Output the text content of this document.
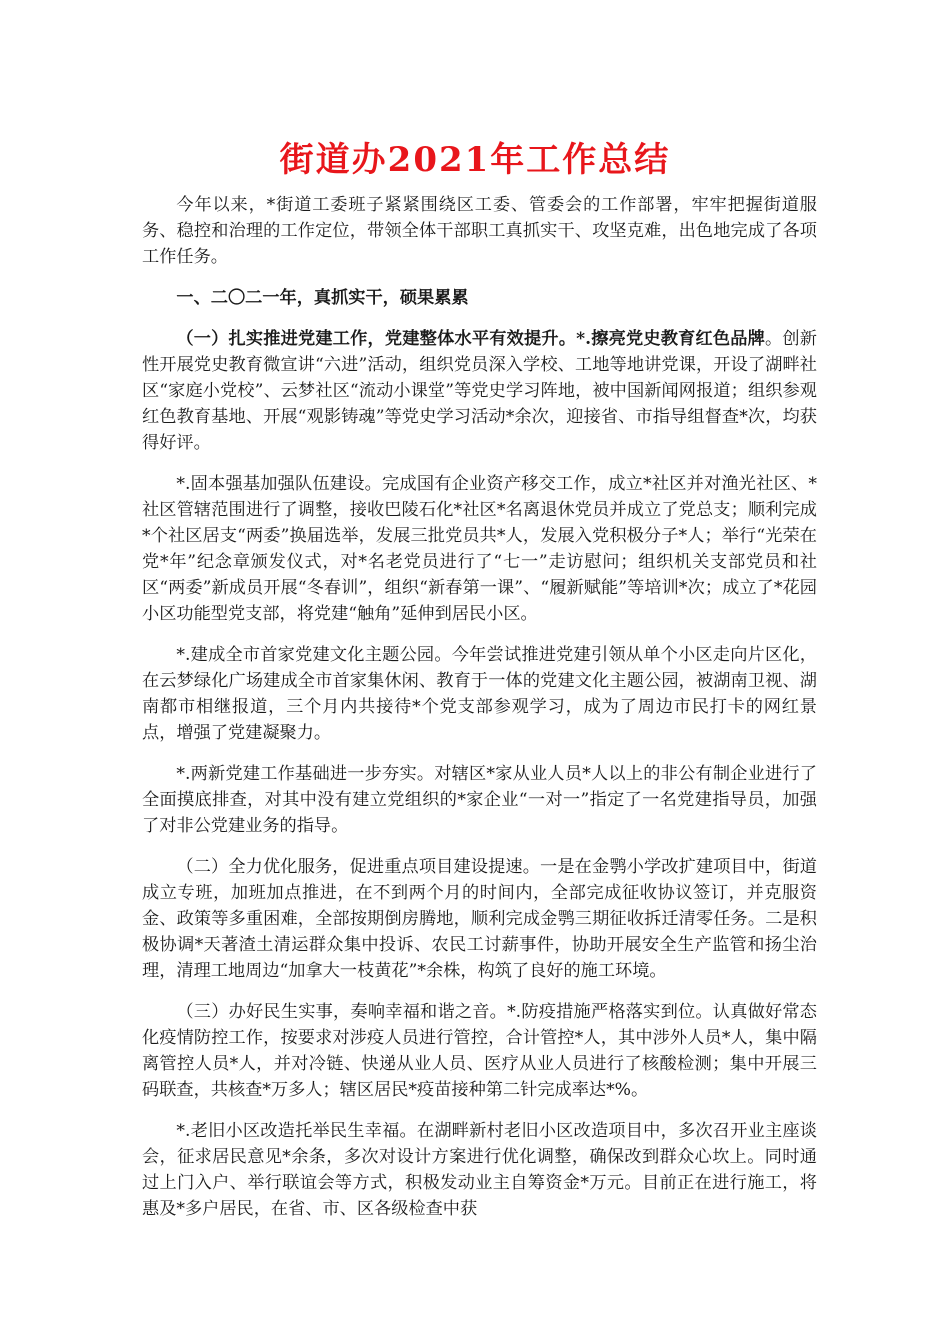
街道办2021年工作总结

今年以来，*街道工委班子紧紧围绕区工委、管委会的工作部署，牢牢把握街道服务、稳控和治理的工作定位，带领全体干部职工真抓实干、攻坚克难，出色地完成了各项工作任务。

一、二〇二一年，真抓实干，硕果累累

（一）扎实推进党建工作，党建整体水平有效提升。*.擦亮党史教育红色品牌。创新性开展党史教育微宣讲“六进”活动，组织党员深入学校、工地等地讲党课，开设了湖畔社区“家庭小党校”、云梦社区“流动小课堂”等党史学习阵地，被中国新闻网报道；组织参观红色教育基地、开展“观影铸魂”等党史学习活动*余次，迎接省、市指导组督查*次，均获得好评。

*.固本强基加强队伍建设。完成国有企业资产移交工作，成立*社区并对渔光社区、*社区管辖范围进行了调整，接收巴陵石化*社区*名离退休党员并成立了党总支；顺利完成*个社区居支“两委”换届选举，发展三批党员共*人，发展入党积极分子*人；举行“光荣在党*年”纪念章颁发仪式，对*名老党员进行了“七一”走访慰问；组织机关支部党员和社区“两委”新成员开展“冬春训”，组织“新春第一课”、“履新赋能”等培训*次；成立了*花园小区功能型党支部，将党建“触角”延伸到居民小区。

*.建成全市首家党建文化主题公园。今年尝试推进党建引领从单个小区走向片区化，在云梦绿化广场建成全市首家集休闲、教育于一体的党建文化主题公园，被湖南卫视、湖南都市相继报道，三个月内共接待*个党支部参观学习，成为了周边市民打卡的网红景点，增强了党建凝聚力。

*.两新党建工作基础进一步夯实。对辖区*家从业人员*人以上的非公有制企业进行了全面摸底排查，对其中没有建立党组织的*家企业“一对一”指定了一名党建指导员，加强了对非公党建业务的指导。

（二）全力优化服务，促进重点项目建设提速。一是在金鹗小学改扩建项目中，街道成立专班，加班加点推进，在不到两个月的时间内，全部完成征收协议签订，并克服资金、政策等多重困难，全部按期倒房腾地，顺利完成金鹗三期征收拆迁清零任务。二是积极协调*天著渣土清运群众集中投诉、农民工讨薪事件，协助开展安全生产监管和扬尘治理，清理工地周边“加拿大一枝黄花”*余株，构筑了良好的施工环境。

（三）办好民生实事，奏响幸福和谐之音。*.防疫措施严格落实到位。认真做好常态化疫情防控工作，按要求对涉疫人员进行管控，合计管控*人，其中涉外人员*人，集中隔离管控人员*人，并对冷链、快递从业人员、医疗从业人员进行了核酸检测；集中开展三码联查，共核查*万多人；辖区居民*疫苗接种第二针完成率达*%。

*.老旧小区改造托举民生幸福。在湖畔新村老旧小区改造项目中，多次召开业主座谈会，征求居民意见*余条，多次对设计方案进行优化调整，确保改到群众心坎上。同时通过上门入户、举行联谊会等方式，积极发动业主自筹资金*万元。目前正在进行施工，将惠及*多户居民，在省、市、区各级检查中获
